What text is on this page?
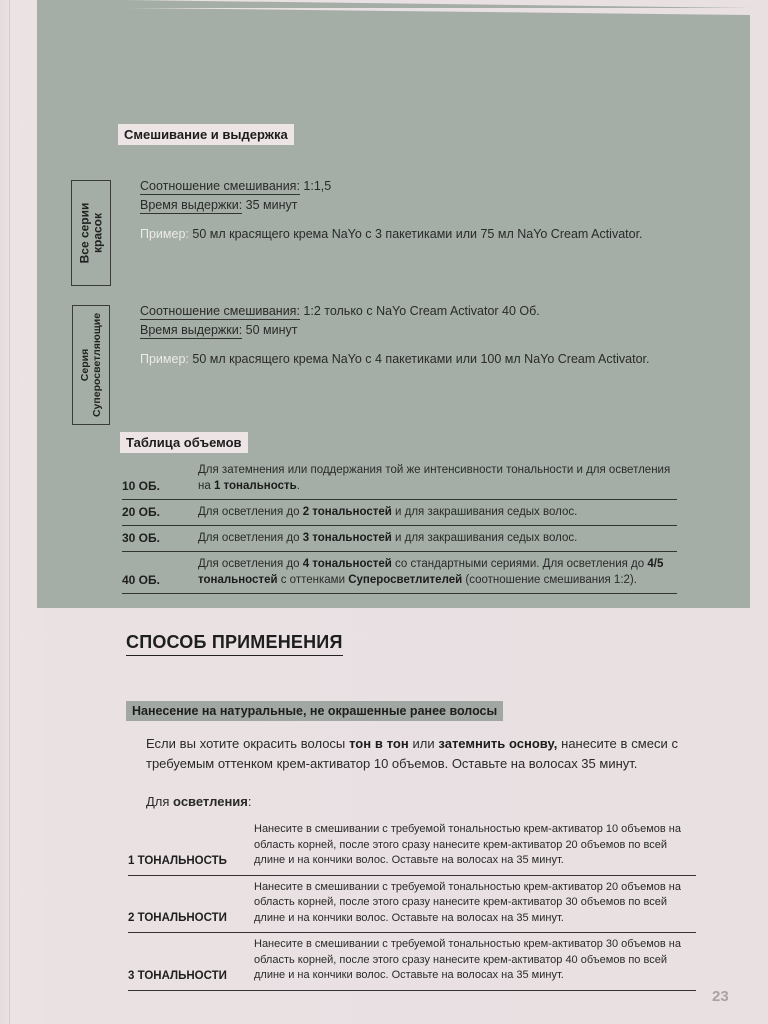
Смешивание и выдержка
Все серии красок
Соотношение смешивания: 1:1,5
Время выдержки: 35 минут
Пример: 50 мл красящего крема NaYo с 3 пакетиками или 75 мл NaYo Cream Activator.
Серия Суперосветляющие
Соотношение смешивания: 1:2 только с NaYo Cream Activator 40 Об.
Время выдержки: 50 минут
Пример: 50 мл красящего крема NaYo с 4 пакетиками или 100 мл NaYo Cream Activator.
Таблица объемов
10 ОБ.
Для затемнения или поддержания той же интенсивности тональности и для осветления на 1 тональность.
20 ОБ.	Для осветления до 2 тональностей и для закрашивания седых волос.
30 ОБ.	Для осветления до 3 тональностей и для закрашивания седых волос.
40 ОБ.
Для осветления до 4 тональностей со стандартными сериями. Для осветления до 4/5 тональностей с оттенками Суперосветлителей (соотношение смешивания 1:2).
СПОСОБ ПРИМЕНЕНИЯ
Нанесение на натуральные, не окрашенные ранее волосы
Если вы хотите окрасить волосы тон в тон или затемнить основу, нанесите в смеси с требуемым оттенком крем-активатор 10 объемов. Оставьте на волосах 35 минут.
Для осветления:
1 ТОНАЛЬНОСТЬ
Нанесите в смешивании с требуемой тональностью крем-активатор 10 объемов на область корней, после этого сразу нанесите крем-активатор 20 объемов по всей длине и на кончики волос. Оставьте на волосах на 35 минут.
2 ТОНАЛЬНОСТИ
Нанесите в смешивании с требуемой тональностью крем-активатор 20 объемов на область корней, после этого сразу нанесите крем-активатор 30 объемов по всей длине и на кончики волос. Оставьте на волосах на 35 минут.
3 ТОНАЛЬНОСТИ
Нанесите в смешивании с требуемой тональностью крем-активатор 30 объемов на область корней, после этого сразу нанесите крем-активатор 40 объемов по всей длине и на кончики волос. Оставьте на волосах на 35 минут.
23
